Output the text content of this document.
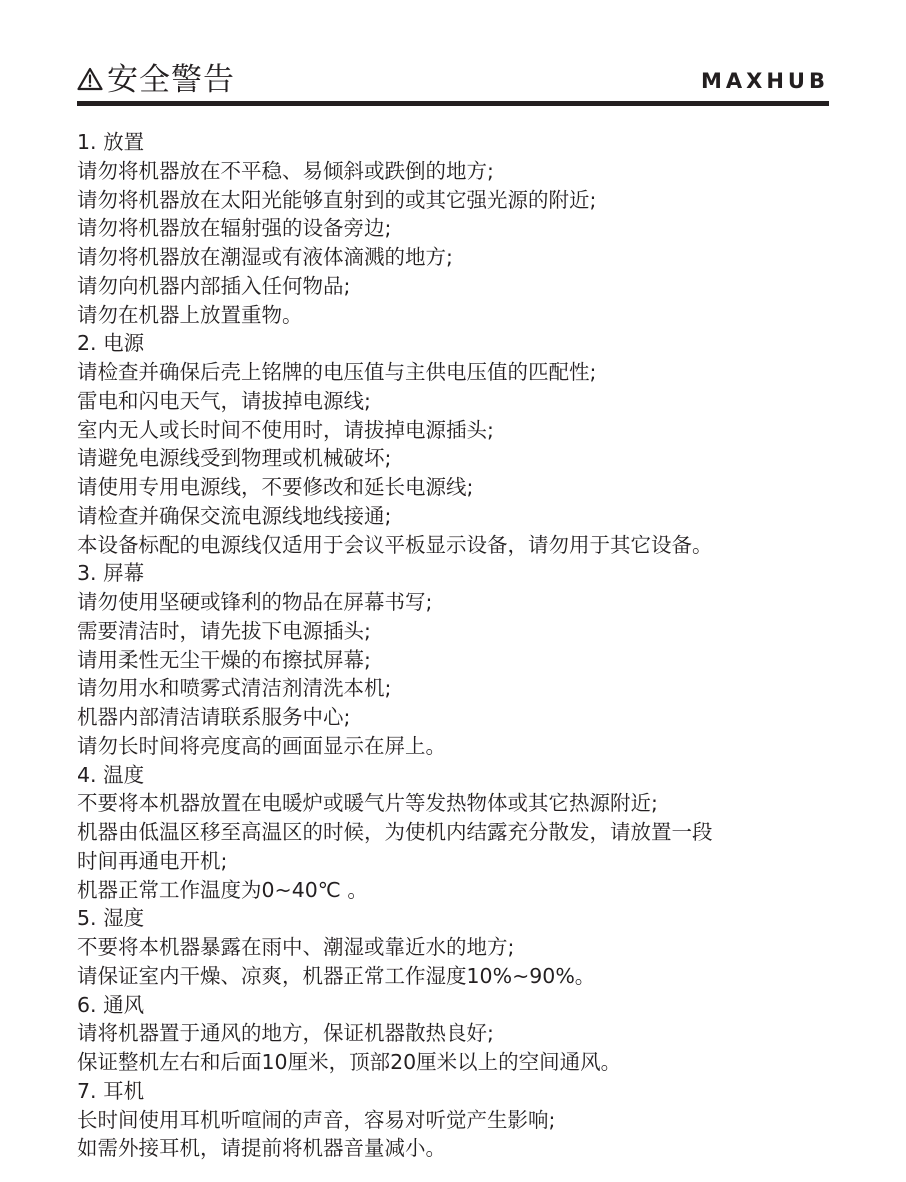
安全警告	MAXHUB
1. 放置
请勿将机器放在不平稳、易倾斜或跌倒的地方;
请勿将机器放在太阳光能够直射到的或其它强光源的附近;
请勿将机器放在辐射强的设备旁边;
请勿将机器放在潮湿或有液体滴溅的地方;
请勿向机器内部插入任何物品;
请勿在机器上放置重物。
2. 电源
请检查并确保后壳上铭牌的电压值与主供电压值的匹配性;
雷电和闪电天气，请拔掉电源线;
室内无人或长时间不使用时，请拔掉电源插头;
请避免电源线受到物理或机械破坏;
请使用专用电源线，不要修改和延长电源线;
请检查并确保交流电源线地线接通;
本设备标配的电源线仅适用于会议平板显示设备，请勿用于其它设备。
3. 屏幕
请勿使用坚硬或锋利的物品在屏幕书写;
需要清洁时，请先拔下电源插头;
请用柔性无尘干燥的布擦拭屏幕;
请勿用水和喷雾式清洁剂清洗本机;
机器内部清洁请联系服务中心;
请勿长时间将亮度高的画面显示在屏上。
4. 温度
不要将本机器放置在电暖炉或暖气片等发热物体或其它热源附近;
机器由低温区移至高温区的时候，为使机内结露充分散发，请放置一段
时间再通电开机;
机器正常工作温度为0~40℃ 。
5. 湿度
不要将本机器暴露在雨中、潮湿或靠近水的地方;
请保证室内干燥、凉爽，机器正常工作湿度10%~90%。
6. 通风
请将机器置于通风的地方，保证机器散热良好;
保证整机左右和后面10厘米，顶部20厘米以上的空间通风。
7. 耳机
长时间使用耳机听喧闹的声音，容易对听觉产生影响;
如需外接耳机，请提前将机器音量减小。
